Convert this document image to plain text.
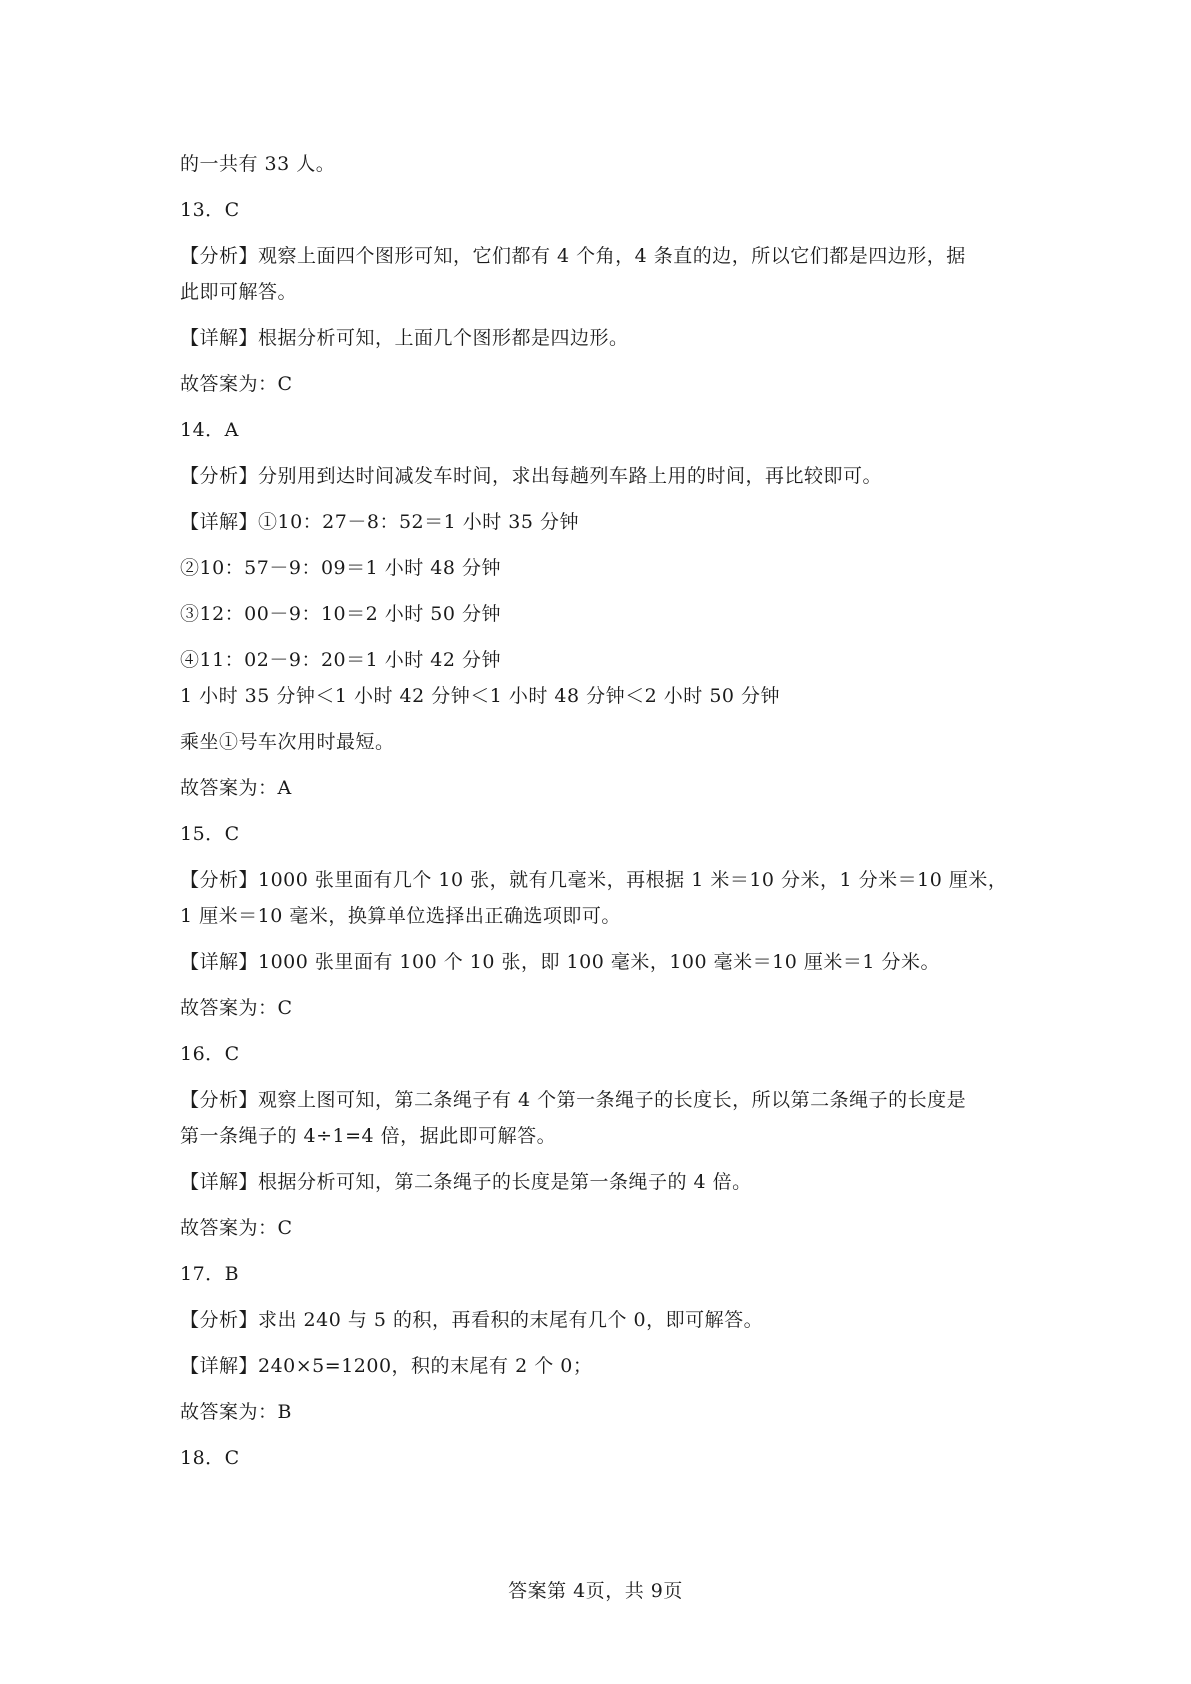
的一共有 33 人。
13．C
【分析】观察上面四个图形可知，它们都有 4 个角，4 条直的边，所以它们都是四边形，据
此即可解答。
【详解】根据分析可知，上面几个图形都是四边形。
故答案为：C
14．A
【分析】分别用到达时间减发车时间，求出每趟列车路上用的时间，再比较即可。
【详解】①10：27－8：52＝1 小时 35 分钟
②10：57－9：09＝1 小时 48 分钟
③12：00－9：10＝2 小时 50 分钟
④11：02－9：20＝1 小时 42 分钟
1 小时 35 分钟＜1 小时 42 分钟＜1 小时 48 分钟＜2 小时 50 分钟
乘坐①号车次用时最短。
故答案为：A
15．C
【分析】1000 张里面有几个 10 张，就有几毫米，再根据 1 米＝10 分米，1 分米＝10 厘米，
1 厘米＝10 毫米，换算单位选择出正确选项即可。
【详解】1000 张里面有 100 个 10 张，即 100 毫米，100 毫米＝10 厘米＝1 分米。
故答案为：C
16．C
【分析】观察上图可知，第二条绳子有 4 个第一条绳子的长度长，所以第二条绳子的长度是
第一条绳子的 4÷1=4 倍，据此即可解答。
【详解】根据分析可知，第二条绳子的长度是第一条绳子的 4 倍。
故答案为：C
17．B
【分析】求出 240 与 5 的积，再看积的末尾有几个 0，即可解答。
【详解】240×5=1200，积的末尾有 2 个 0；
故答案为：B
18．C
答案第 4页，共 9页
